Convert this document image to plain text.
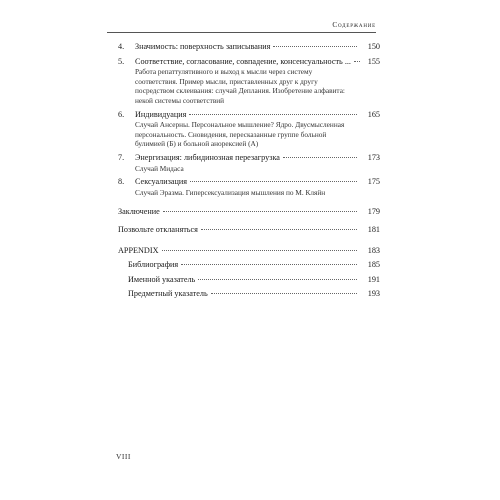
Содержание
4.	Значимость: поверхность записывания	150
5.	Соответствие, согласование, совпадение, консенсуальность ...	155
Работа репаттулятивного и выход к мысли через систему соответствия. Пример мысли, приставленных друг к другу посредством склеивания: случай Деплания. Изобретение алфавита: некой системы соответствий
6.	Индивидуация	165
Случай Ансерны. Персональное мышление? Ядро. Двусмысленная персональность. Сновидения, пересказанные группе больной булимией (Б) и больной анорексией (А)
7.	Энергизация: либидинозная перезагрузка	173
Случай Мидаса
8.	Сексуализация	175
Случай Эразма. Гиперсексуализация мышления по М. Кляйн
Заключение	179
Позвольте откланяться	181
APPENDIX	183
Библиография	185
Именной указатель	191
Предметный указатель	193
VIII
